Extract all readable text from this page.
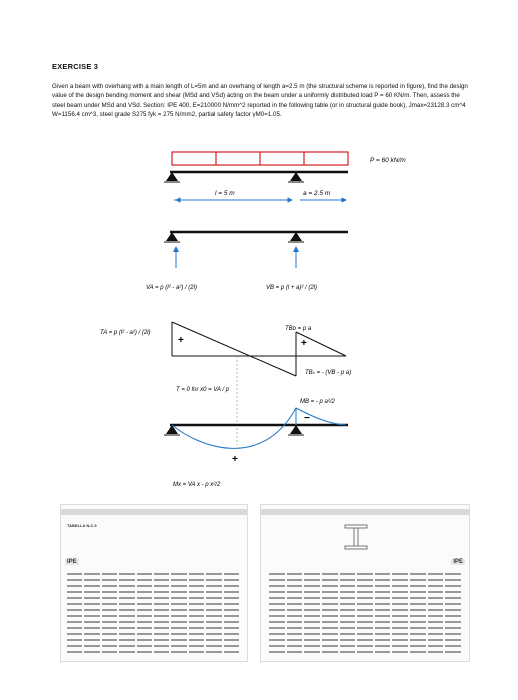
EXERCISE 3
Given a beam with overhang with a main length of L=5m and an overhang of length a=2.5 m (the structural scheme is reported in figure), find the design value of the design bending moment and shear (MSd and VSd) acting on the beam under a uniformly distributed load P = 60 KN/m. Then, assess the steel beam under MSd and VSd. Section: IPE 400, E=210000 N/mm^2 reported in the following table (or in structural guide book), Jmax=23128.3 cm^4 W=1156.4 cm^3, steel grade S275 fyk = 275 N/mm2, partial safety factor γM0=1.05.
P = 60 kN/m
l = 5 m	a = 2.5 m
VA = p (l² - a²) / (2l)	VB = p (l + a)² / (2l)
+	+
TA = p (l² - a²) / (2l)
TBᴅ = p a
TBₛ = - (VB - p a)
T = 0 for x0 = VA / p
−
+
MB = - p a²/2
Mx = VA x - p x²/2
TABELLA N.C.9
IPE	IPE
